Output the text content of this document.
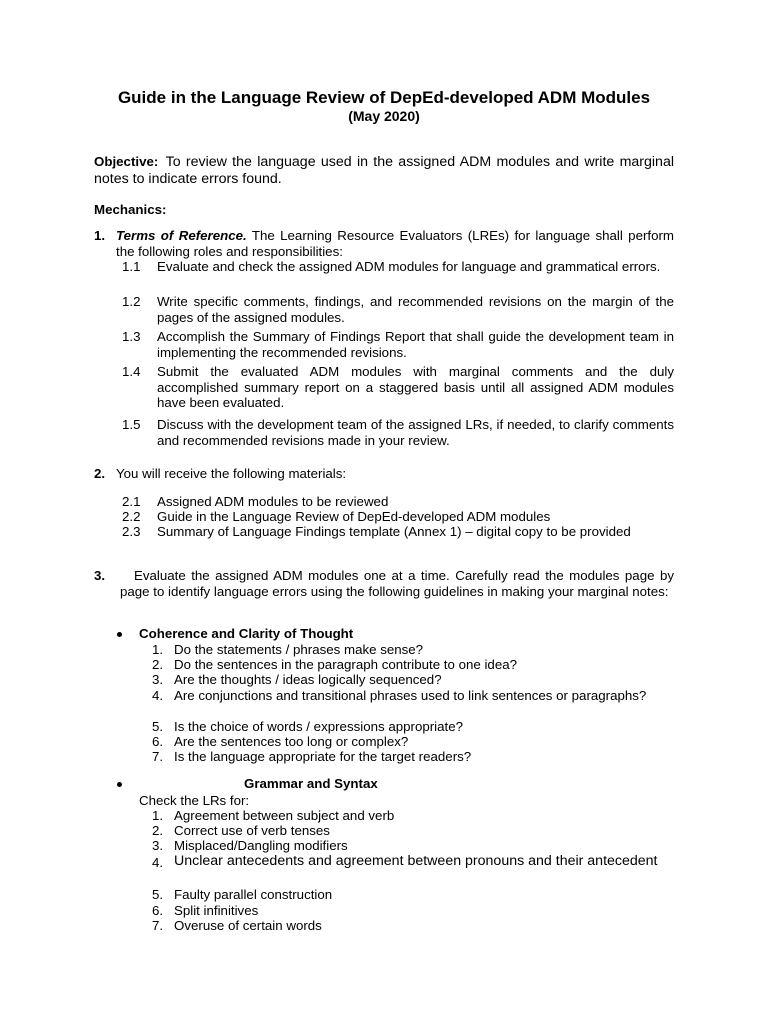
Guide in the Language Review of DepEd-developed ADM Modules
(May 2020)
Objective: To review the language used in the assigned ADM modules and write marginal notes to indicate errors found.
Mechanics:
1. Terms of Reference. The Learning Resource Evaluators (LREs) for language shall perform the following roles and responsibilities:
1.1 Evaluate and check the assigned ADM modules for language and grammatical errors.
1.2 Write specific comments, findings, and recommended revisions on the margin of the pages of the assigned modules.
1.3 Accomplish the Summary of Findings Report that shall guide the development team in implementing the recommended revisions.
1.4 Submit the evaluated ADM modules with marginal comments and the duly accomplished summary report on a staggered basis until all assigned ADM modules have been evaluated.
1.5 Discuss with the development team of the assigned LRs, if needed, to clarify comments and recommended revisions made in your review.
2. You will receive the following materials:
2.1 Assigned ADM modules to be reviewed
2.2 Guide in the Language Review of DepEd-developed ADM modules
2.3 Summary of Language Findings template (Annex 1) – digital copy to be provided
3.	Evaluate the assigned ADM modules one at a time. Carefully read the modules page by page to identify language errors using the following guidelines in making your marginal notes:
Coherence and Clarity of Thought
1. Do the statements / phrases make sense?
2. Do the sentences in the paragraph contribute to one idea?
3. Are the thoughts / ideas logically sequenced?
4. Are conjunctions and transitional phrases used to link sentences or paragraphs?
5. Is the choice of words / expressions appropriate?
6. Are the sentences too long or complex?
7. Is the language appropriate for the target readers?
Grammar and Syntax
Check the LRs for:
1. Agreement between subject and verb
2. Correct use of verb tenses
3. Misplaced/Dangling modifiers
4. Unclear antecedents and agreement between pronouns and their antecedent
5. Faulty parallel construction
6. Split infinitives
7. Overuse of certain words
